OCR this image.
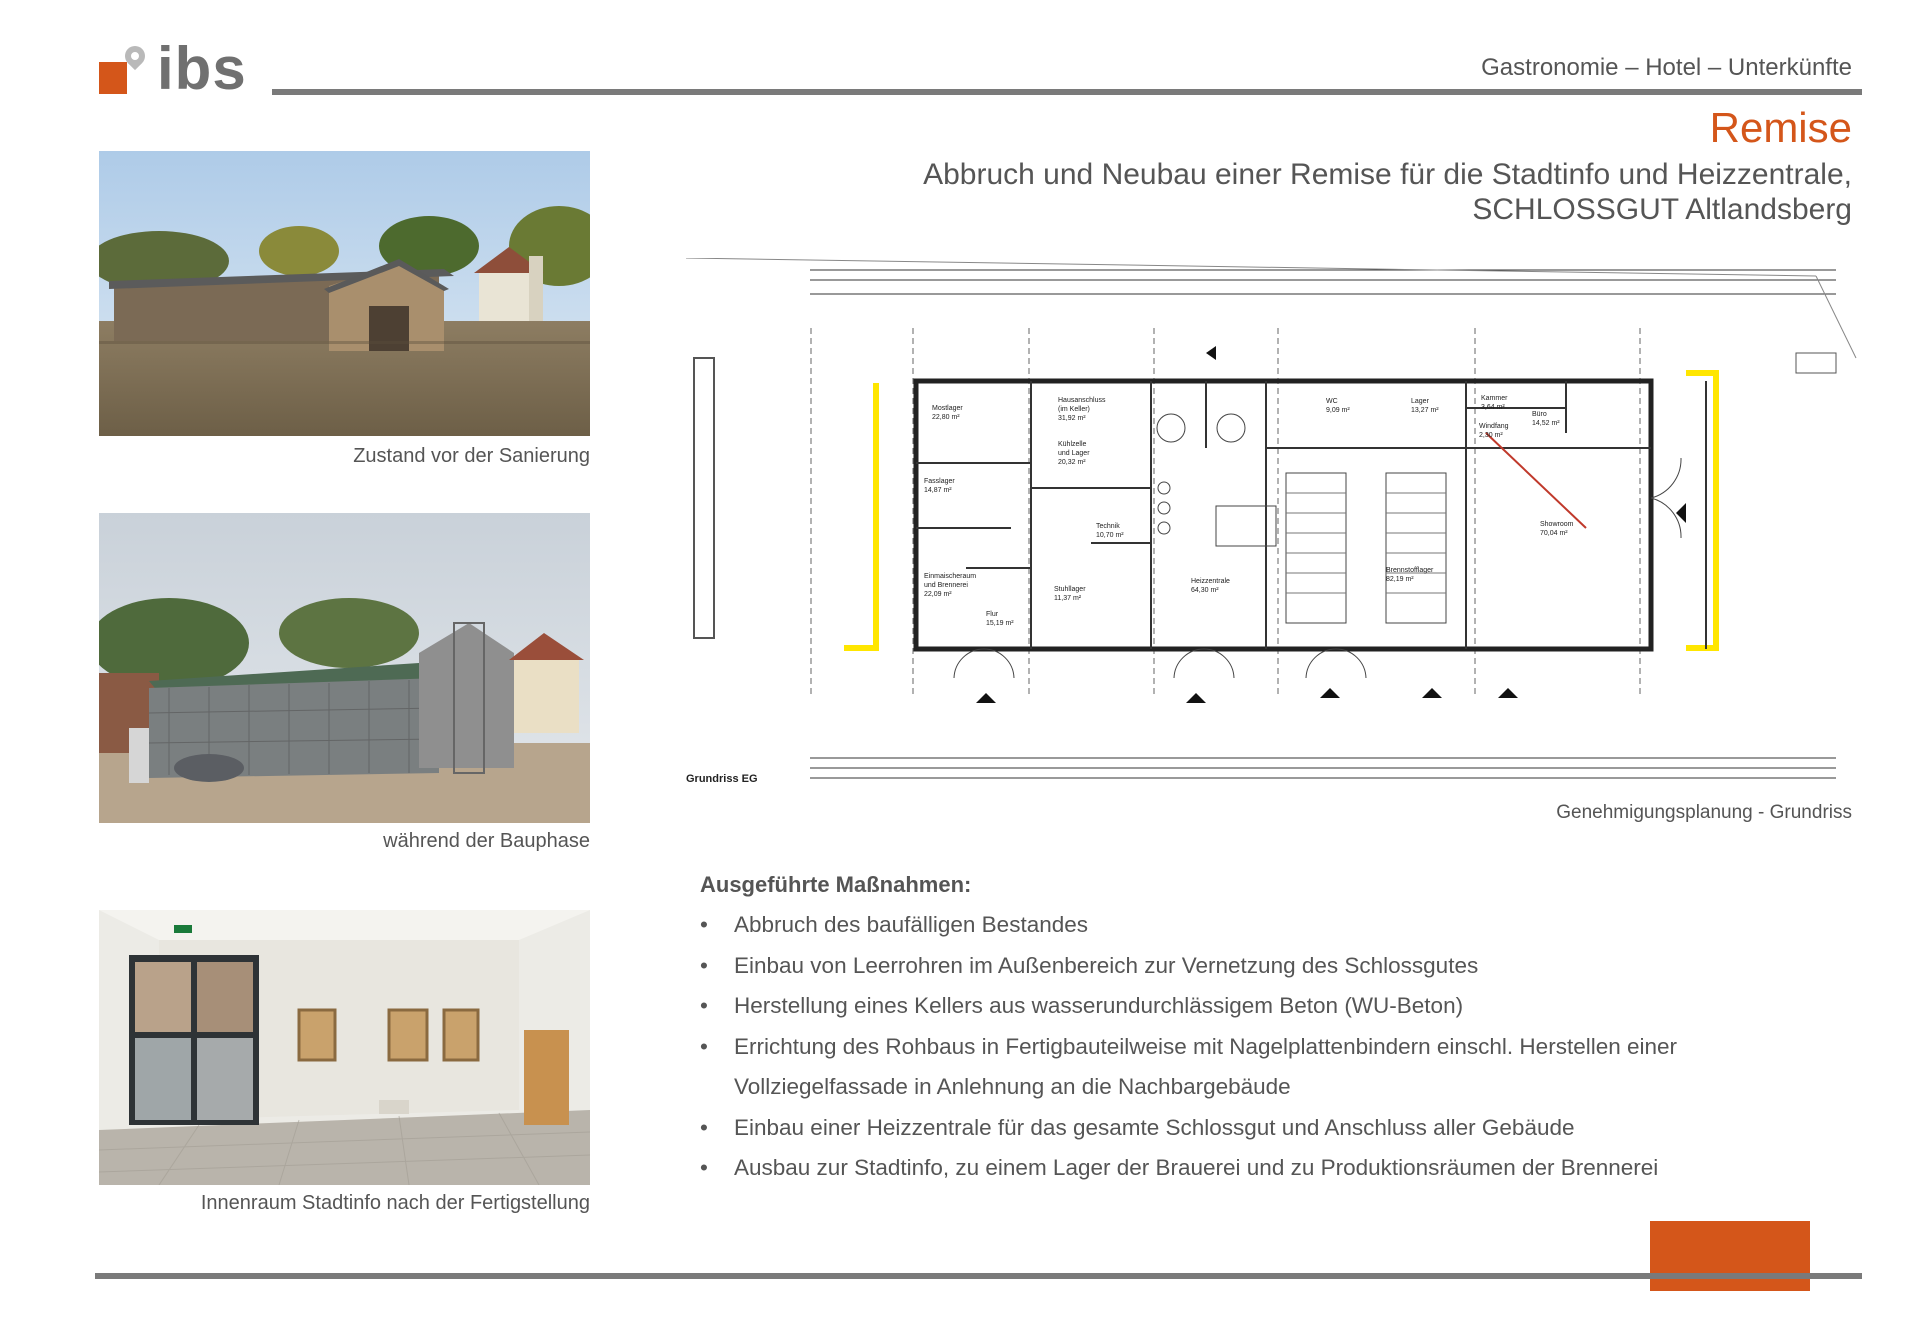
ibs	Gastronomie – Hotel – Unterkünfte
Remise
Abbruch und Neubau einer Remise für die Stadtinfo und Heizzentrale,
SCHLOSSGUT Altlandsberg
Zustand vor der Sanierung
während der Bauphase
Innenraum Stadtinfo nach der Fertigstellung
Mostlager
22,80 m²
Fasslager
14,87 m²
Einmaischeraum
und Brennerei
22,09 m²
Flur
15,19 m²
Hausanschluss
(im Keller)
31,92 m²
Kühlzelle
und Lager
20,32 m²
Technik
10,70 m²
Stuhllager
11,37 m²
Heizzentrale
64,30 m²
WC
9,09 m²
Lager
13,27 m²
Brennstofflager
82,19 m²
Kammer
3,64 m²
Windfang
2,30 m²
Büro
14,52 m²
Showroom
70,04 m²
Grundriss EG
Genehmigungsplanung - Grundriss
Ausgeführte Maßnahmen:
• Abbruch des baufälligen Bestandes
• Einbau von Leerrohren im Außenbereich zur Vernetzung des Schlossgutes
• Herstellung eines Kellers aus wasserundurchlässigem Beton (WU-Beton)
• Errichtung des Rohbaus in Fertigbauteilweise mit Nagelplattenbindern einschl. Herstellen einer Vollziegelfassade in Anlehnung an die Nachbargebäude
• Einbau einer Heizzentrale für das gesamte Schlossgut und Anschluss aller Gebäude
• Ausbau zur Stadtinfo, zu einem Lager der Brauerei und zu Produktionsräumen der Brennerei
